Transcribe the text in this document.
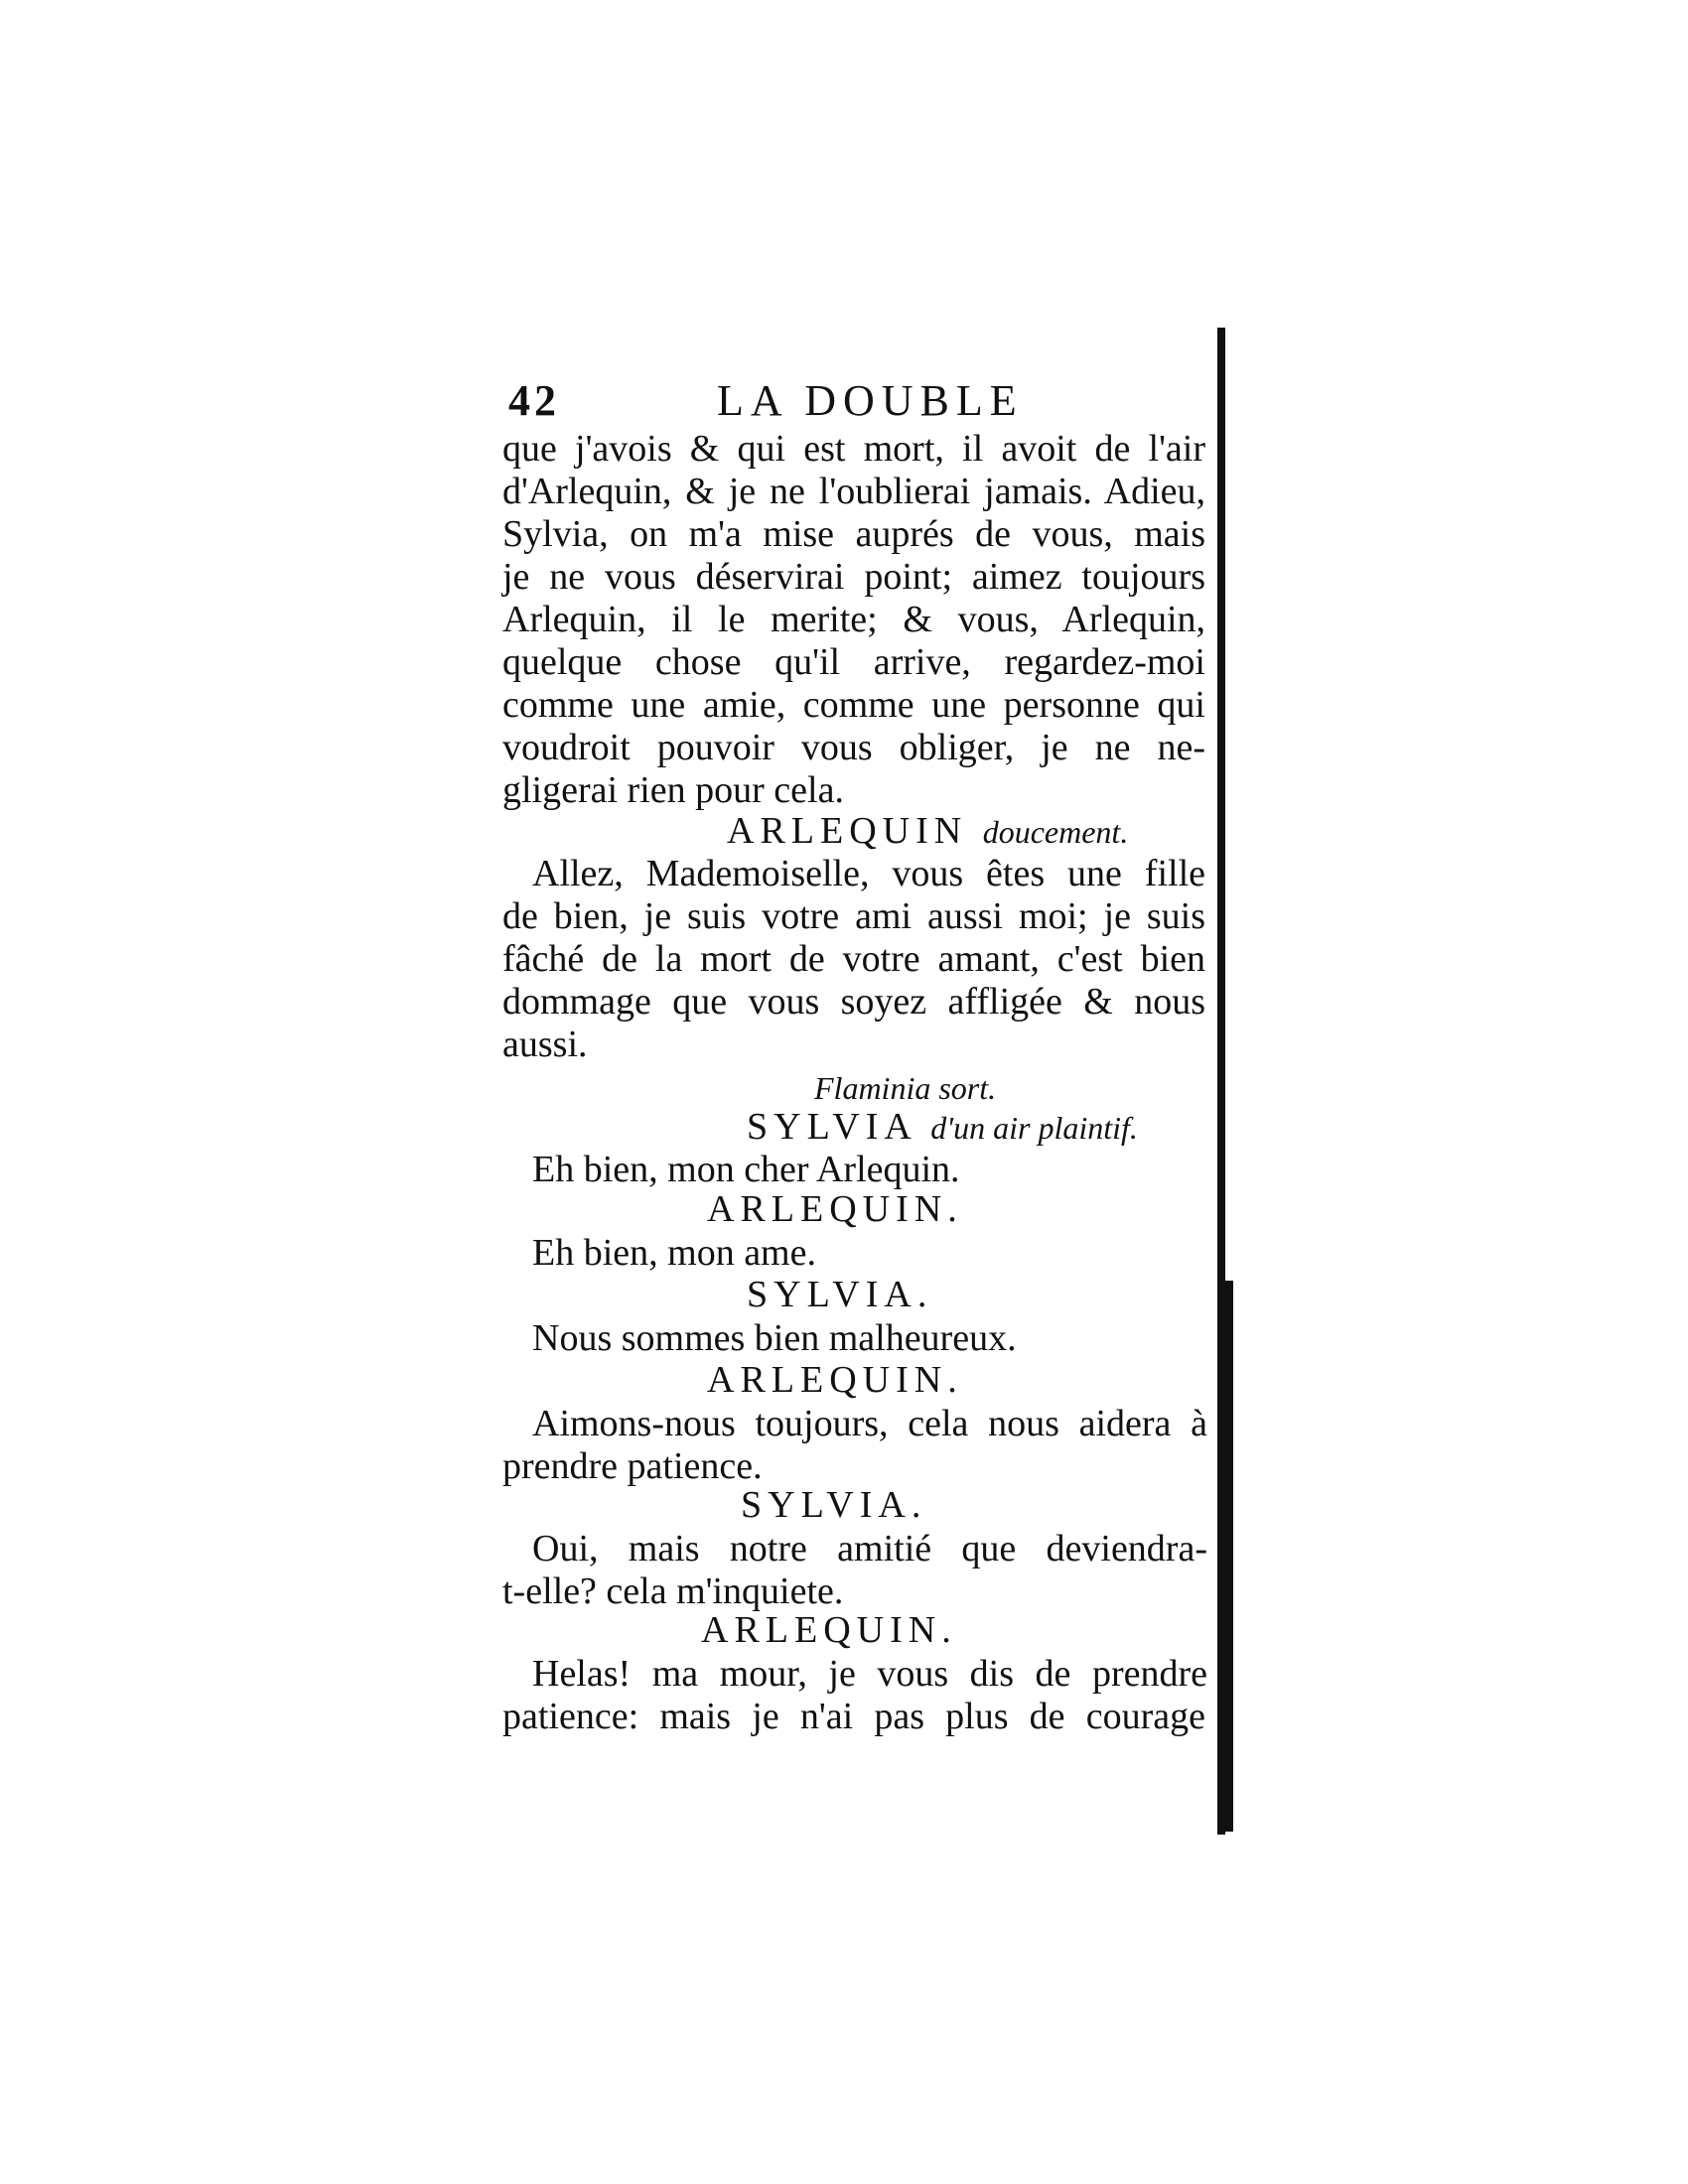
42	LA DOUBLE
que j'avois & qui est mort, il avoit de l'air
d'Arlequin, & je ne l'oublierai jamais. Adieu,
Sylvia, on m'a mise auprés de vous, mais
je ne vous déservirai point; aimez toujours
Arlequin, il le merite; & vous, Arlequin,
quelque chose qu'il arrive, regardez-moi
comme une amie, comme une personne qui
voudroit pouvoir vous obliger, je ne ne-
gligerai rien pour cela.
ARLEQUIN doucement.
Allez, Mademoiselle, vous êtes une fille
de bien, je suis votre ami aussi moi; je suis
fâché de la mort de votre amant, c'est bien
dommage que vous soyez affligée & nous
aussi.
Flaminia sort.
SYLVIA d'un air plaintif.
Eh bien, mon cher Arlequin.
ARLEQUIN.
Eh bien, mon ame.
SYLVIA.
Nous sommes bien malheureux.
ARLEQUIN.
Aimons-nous toujours, cela nous aidera à
prendre patience.
SYLVIA.
Oui, mais notre amitié que deviendra-
t-elle? cela m'inquiete.
ARLEQUIN.
Helas! ma mour, je vous dis de prendre
patience: mais je n'ai pas plus de courage
